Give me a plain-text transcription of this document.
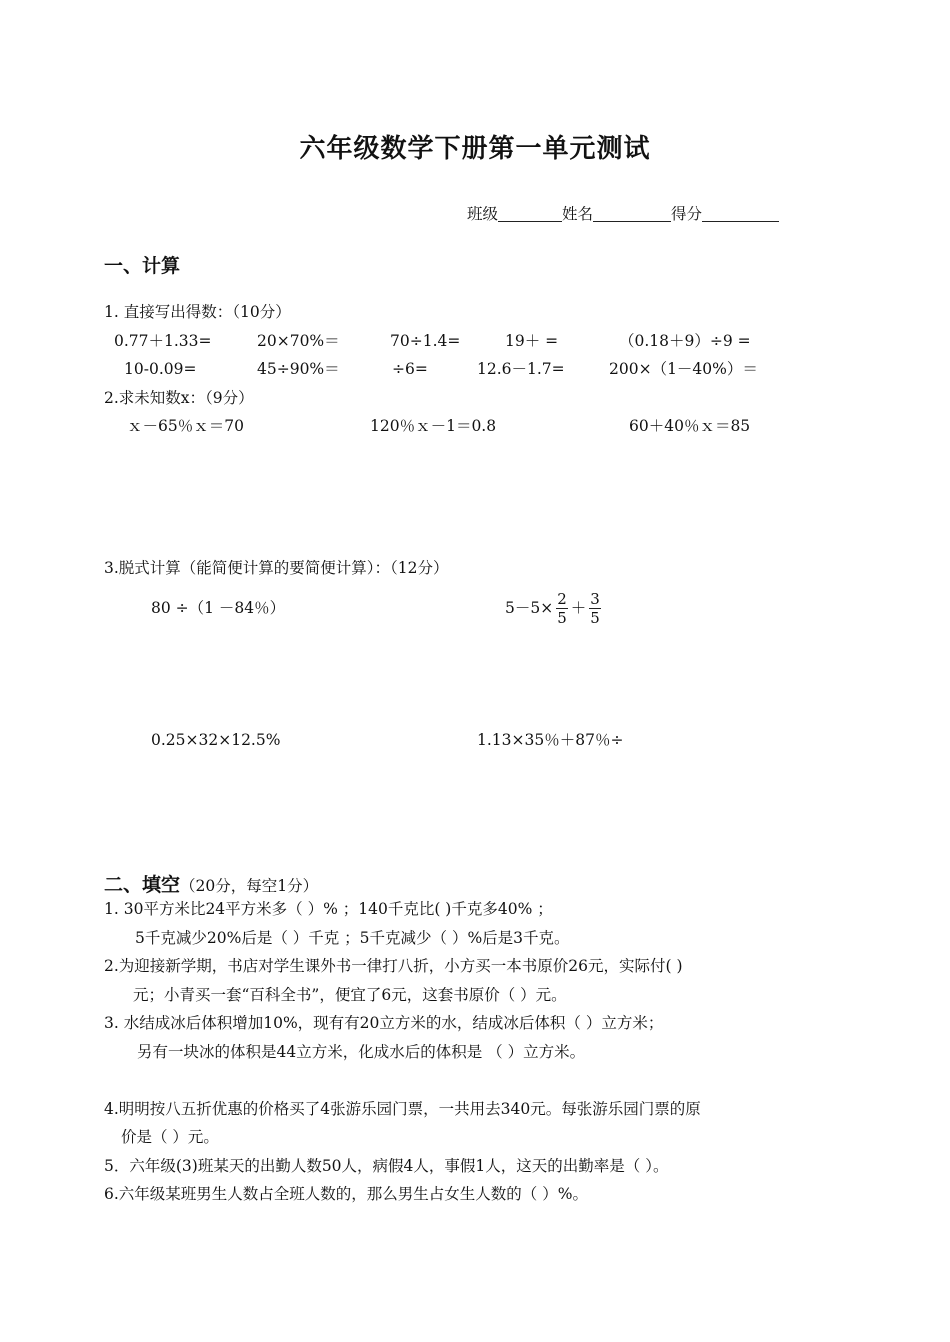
六年级数学下册第一单元测试
班级	姓名	得分
一、计算
1. 直接写出得数：（10分）
0.77＋1.33=	20×70%＝	70÷1.4=	19＋ =	（0.18＋9）÷9 =
10-0.09=	45÷90%＝	÷6=	12.6－1.7=	200×（1－40%）＝
2.求未知数x：（9分）
ｘ－65％ｘ＝70	120％ｘ－1＝0.8	60＋40％ｘ＝85
3.脱式计算（能简便计算的要简便计算）：（12分）
80 ÷（1 －84％）	$5-5\times \frac{2}{5} + \frac{3}{5}$
0.25×32×12.5%	1.13×35％＋87％÷
二、填空（20分，每空1分）
1. 30平方米比24平方米多（ ）% ；140千克比( )千克多40% ；
5千克减少20%后是（ ）千克 ；5千克减少（ ）%后是3千克。
2.为迎接新学期，书店对学生课外书一律打八折，小方买一本书原价26元，实际付( )
元；小青买一套“百科全书”，便宜了6元，这套书原价（ ）元。
3. 水结成冰后体积增加10%，现有有20立方米的水，结成冰后体积（ ）立方米；
另有一块冰的体积是44立方米，化成水后的体积是 （ ）立方米。
4.明明按八五折优惠的价格买了4张游乐园门票，一共用去340元。每张游乐园门票的原
价是（ ）元。
5．六年级(3)班某天的出勤人数50人，病假4人，事假1人，这天的出勤率是（ ）。
6.六年级某班男生人数占全班人数的，那么男生占女生人数的（ ）%。
